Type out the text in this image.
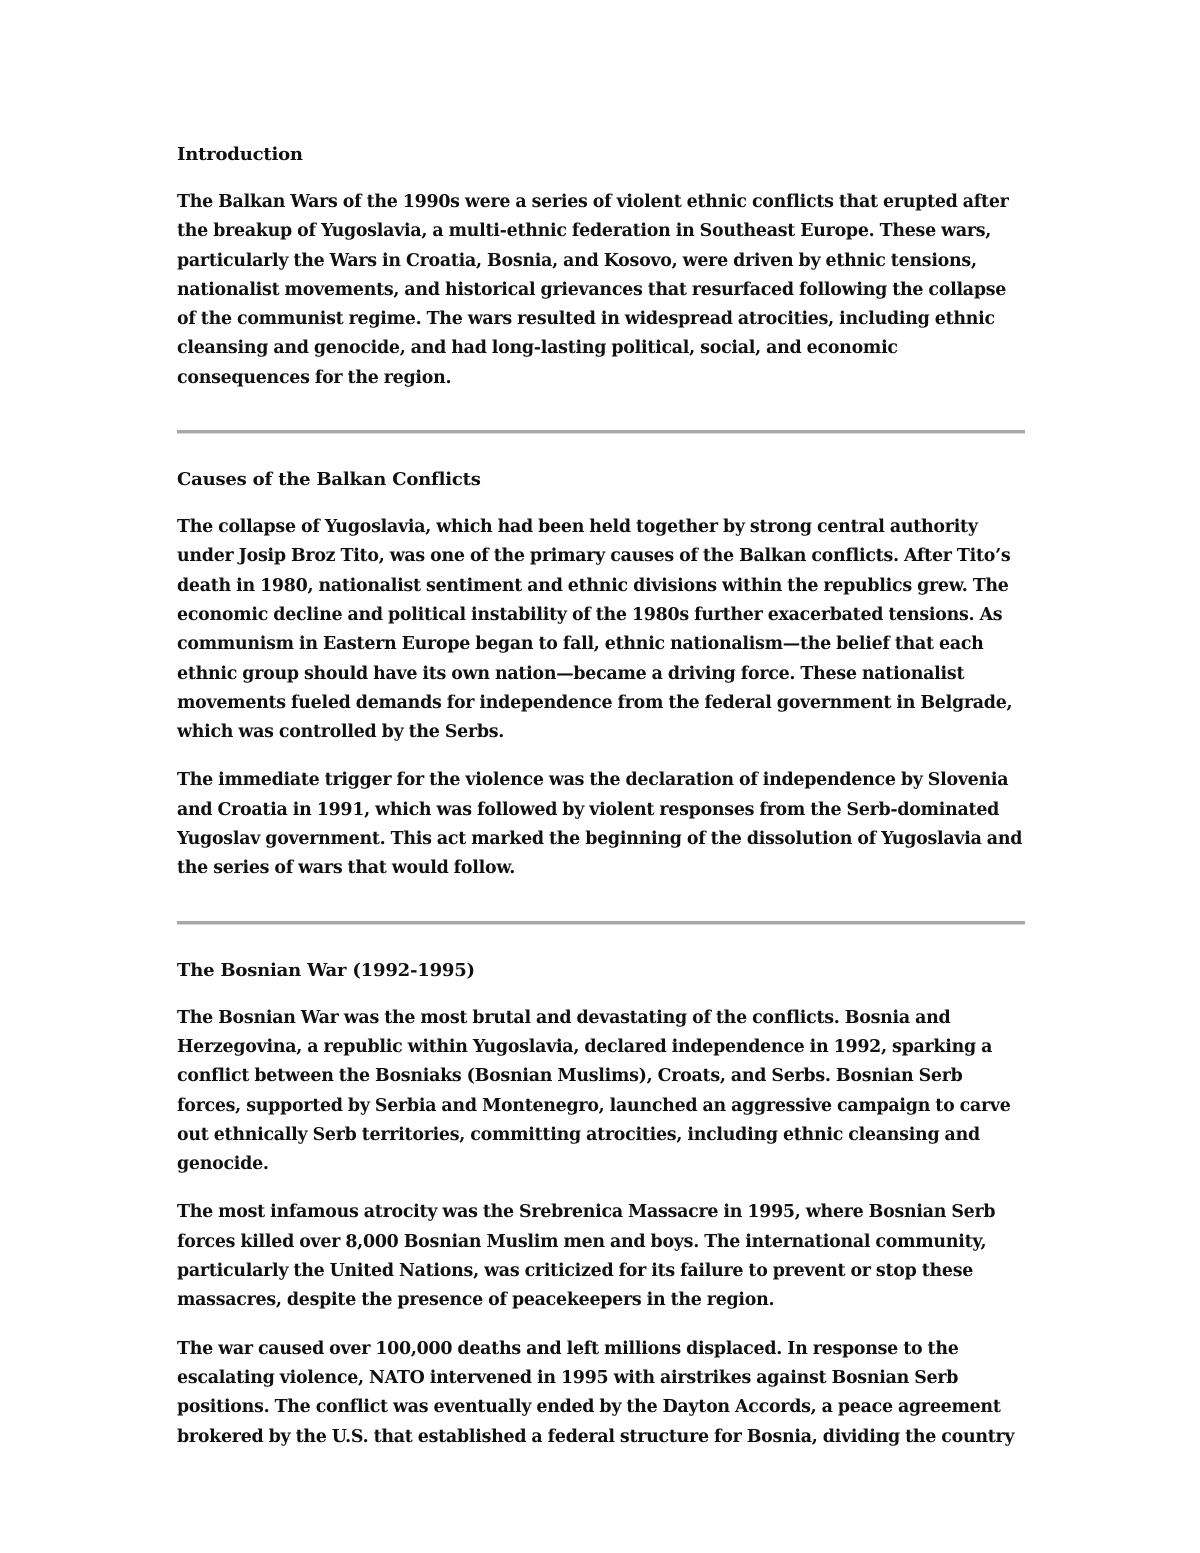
Introduction

The Balkan Wars of the 1990s were a series of violent ethnic conflicts that erupted after the breakup of Yugoslavia, a multi-ethnic federation in Southeast Europe. These wars, particularly the Wars in Croatia, Bosnia, and Kosovo, were driven by ethnic tensions, nationalist movements, and historical grievances that resurfaced following the collapse of the communist regime. The wars resulted in widespread atrocities, including ethnic cleansing and genocide, and had long-lasting political, social, and economic consequences for the region.

Causes of the Balkan Conflicts

The collapse of Yugoslavia, which had been held together by strong central authority under Josip Broz Tito, was one of the primary causes of the Balkan conflicts. After Tito’s death in 1980, nationalist sentiment and ethnic divisions within the republics grew. The economic decline and political instability of the 1980s further exacerbated tensions. As communism in Eastern Europe began to fall, ethnic nationalism—the belief that each ethnic group should have its own nation—became a driving force. These nationalist movements fueled demands for independence from the federal government in Belgrade, which was controlled by the Serbs.

The immediate trigger for the violence was the declaration of independence by Slovenia and Croatia in 1991, which was followed by violent responses from the Serb-dominated Yugoslav government. This act marked the beginning of the dissolution of Yugoslavia and the series of wars that would follow.

The Bosnian War (1992-1995)

The Bosnian War was the most brutal and devastating of the conflicts. Bosnia and Herzegovina, a republic within Yugoslavia, declared independence in 1992, sparking a conflict between the Bosniaks (Bosnian Muslims), Croats, and Serbs. Bosnian Serb forces, supported by Serbia and Montenegro, launched an aggressive campaign to carve out ethnically Serb territories, committing atrocities, including ethnic cleansing and genocide.

The most infamous atrocity was the Srebrenica Massacre in 1995, where Bosnian Serb forces killed over 8,000 Bosnian Muslim men and boys. The international community, particularly the United Nations, was criticized for its failure to prevent or stop these massacres, despite the presence of peacekeepers in the region.

The war caused over 100,000 deaths and left millions displaced. In response to the escalating violence, NATO intervened in 1995 with airstrikes against Bosnian Serb positions. The conflict was eventually ended by the Dayton Accords, a peace agreement brokered by the U.S. that established a federal structure for Bosnia, dividing the country
